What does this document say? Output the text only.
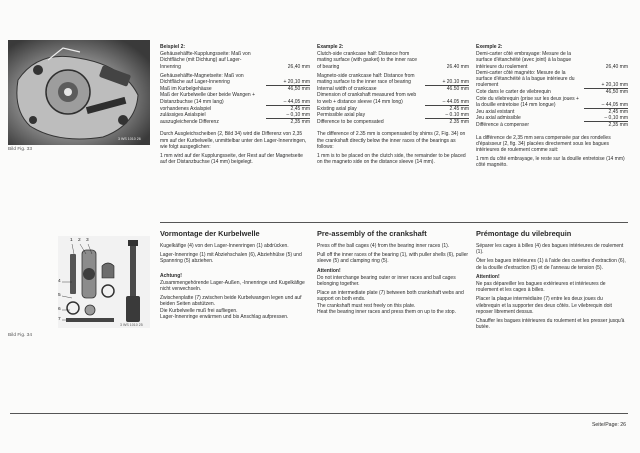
3 WS 1010 26
Bild Fig. 33
Beispiel 2:
Gehäusehälfte-Kupplungsseite: Maß von Dichtfläche (mit Dichtung) auf Lager-Innenring	26,40 mm
Gehäusehälfte-Magnetseite: Maß von Dichtfläche auf Lager-Innenring	+ 20,10 mm
Maß im Kurbelgehäuse	46,50 mm
Maß der Kurbelwelle über beide Wangen + Distanzbuchse (14 mm lang)	– 44,05 mm
vorhandenes Axialspiel	2,45 mm
zulässiges Axialspiel	– 0,10 mm
auszugleichende Differenz	2,35 mm
Durch Ausgleichscheiben (2, Bild 34) wird die Differenz von 2,35 mm auf der Kurbelwelle, unmittelbar unter den Lager-Innenringen, wie folgt ausgeglichen:
1 mm wird auf der Kupplungsseite, der Rest auf der Magnetseite auf der Distanzbuchse (14 mm) beigelegt.
Example 2:
Clutch-side crankcase half: Distance from mating surface (with gasket) to the inner race of bearing	26.40 mm
Magneto-side crankcase half: Distance from mating surface to the inner race of bearing	+ 20.10 mm
Internal width of crankcase	46.50 mm
Dimension of crankshaft measured from web to web + distance sleeve (14 mm long)	– 44.05 mm
Existing axial play	2.45 mm
Permissible axial play	– 0.10 mm
Difference to be compensated	2.35 mm
The difference of 2.35 mm is compensated by shims (2, Fig. 34) on the crankshaft directly below the inner races of the bearings as follows:
1 mm is to be placed on the clutch side, the remainder to be placed on the magneto side on the distance sleeve (14 mm).
Exemple 2:
Demi-carter côté embrayage: Mesure de la surface d'étanchéité (avec joint) à la bague intérieure du roulement	26,40 mm
Demi-carter côté magnéto: Mesure de la surface d'étanchéité à la bague intérieure du roulement	+ 20,10 mm
Cote dans le carter de vilebrequin	46,50 mm
Cote du vilebrequin (prise sur les deux joues + la douille entretoise (14 mm longue)	– 44,05 mm
Jeu axial existant	2,45 mm
Jeu axial admissible	– 0,10 mm
Différence à compenser	2,35 mm
La différence de 2,35 mm sera compensée par des rondelles d'épaisseur (2, fig. 34) placées directement sous les bagues intérieures de roulement comme suit:
1 mm du côté embrayage, le reste sur la douille entretoise (14 mm) côté magnéto.
1 2 3
4
5
6
7
3 WS 1010 25
Bild Fig. 34
Vormontage der Kurbelwelle	Pre-assembly of the crankshaft	Prémontage du vilebrequin
Kugelkäfige (4) von den Lager-Innenringen (1) abdrücken.
Lager-Innenringe (1) mit Abziehschalen (6), Abziehhülse (5) und Spannring (5) abziehen.
Achtung!
Zusammengehörende Lager-Außen, -Innenringe und Kugelkäfige nicht verwechseln.
Zwischenplatte (7) zwischen beide Kurbelwangen legen und auf beiden Seiten abstützen.
Die Kurbelwelle muß frei aufliegen.
Lager-Innenringe erwärmen und bis Anschlag aufpressen.
Press off the ball cages (4) from the bearing inner races (1).
Pull off the inner races of the bearing (1), with puller shells (6), puller sleeve (5) and clamping ring (5).
Attention!
Do not interchange bearing outer or inner races and ball cages belonging together.
Place an intermediate plate (7) between both crankshaft webs and support on both ends.
The crankshaft must rest freely on this plate.
Heat the bearing inner races and press them on up to the stop.
Séparer les cages à billes (4) des bagues intérieures de roulement (1).
Ôter les bagues intérieures (1) à l'aide des cuvettes d'extraction (6), de la douille d'extraction (5) et de l'anneau de tension (5).
Attention!
Ne pas dépareiller les bagues extérieures et intérieures de roulement et les cages à billes.
Placer la plaque intermédiaire (7) entre les deux joues du vilebrequin et la supporter des deux côtés. Le vilebrequin doit reposer librement dessus.
Chauffer les bagues intérieures du roulement et les presser jusqu'à butée.
Seite/Page: 26
